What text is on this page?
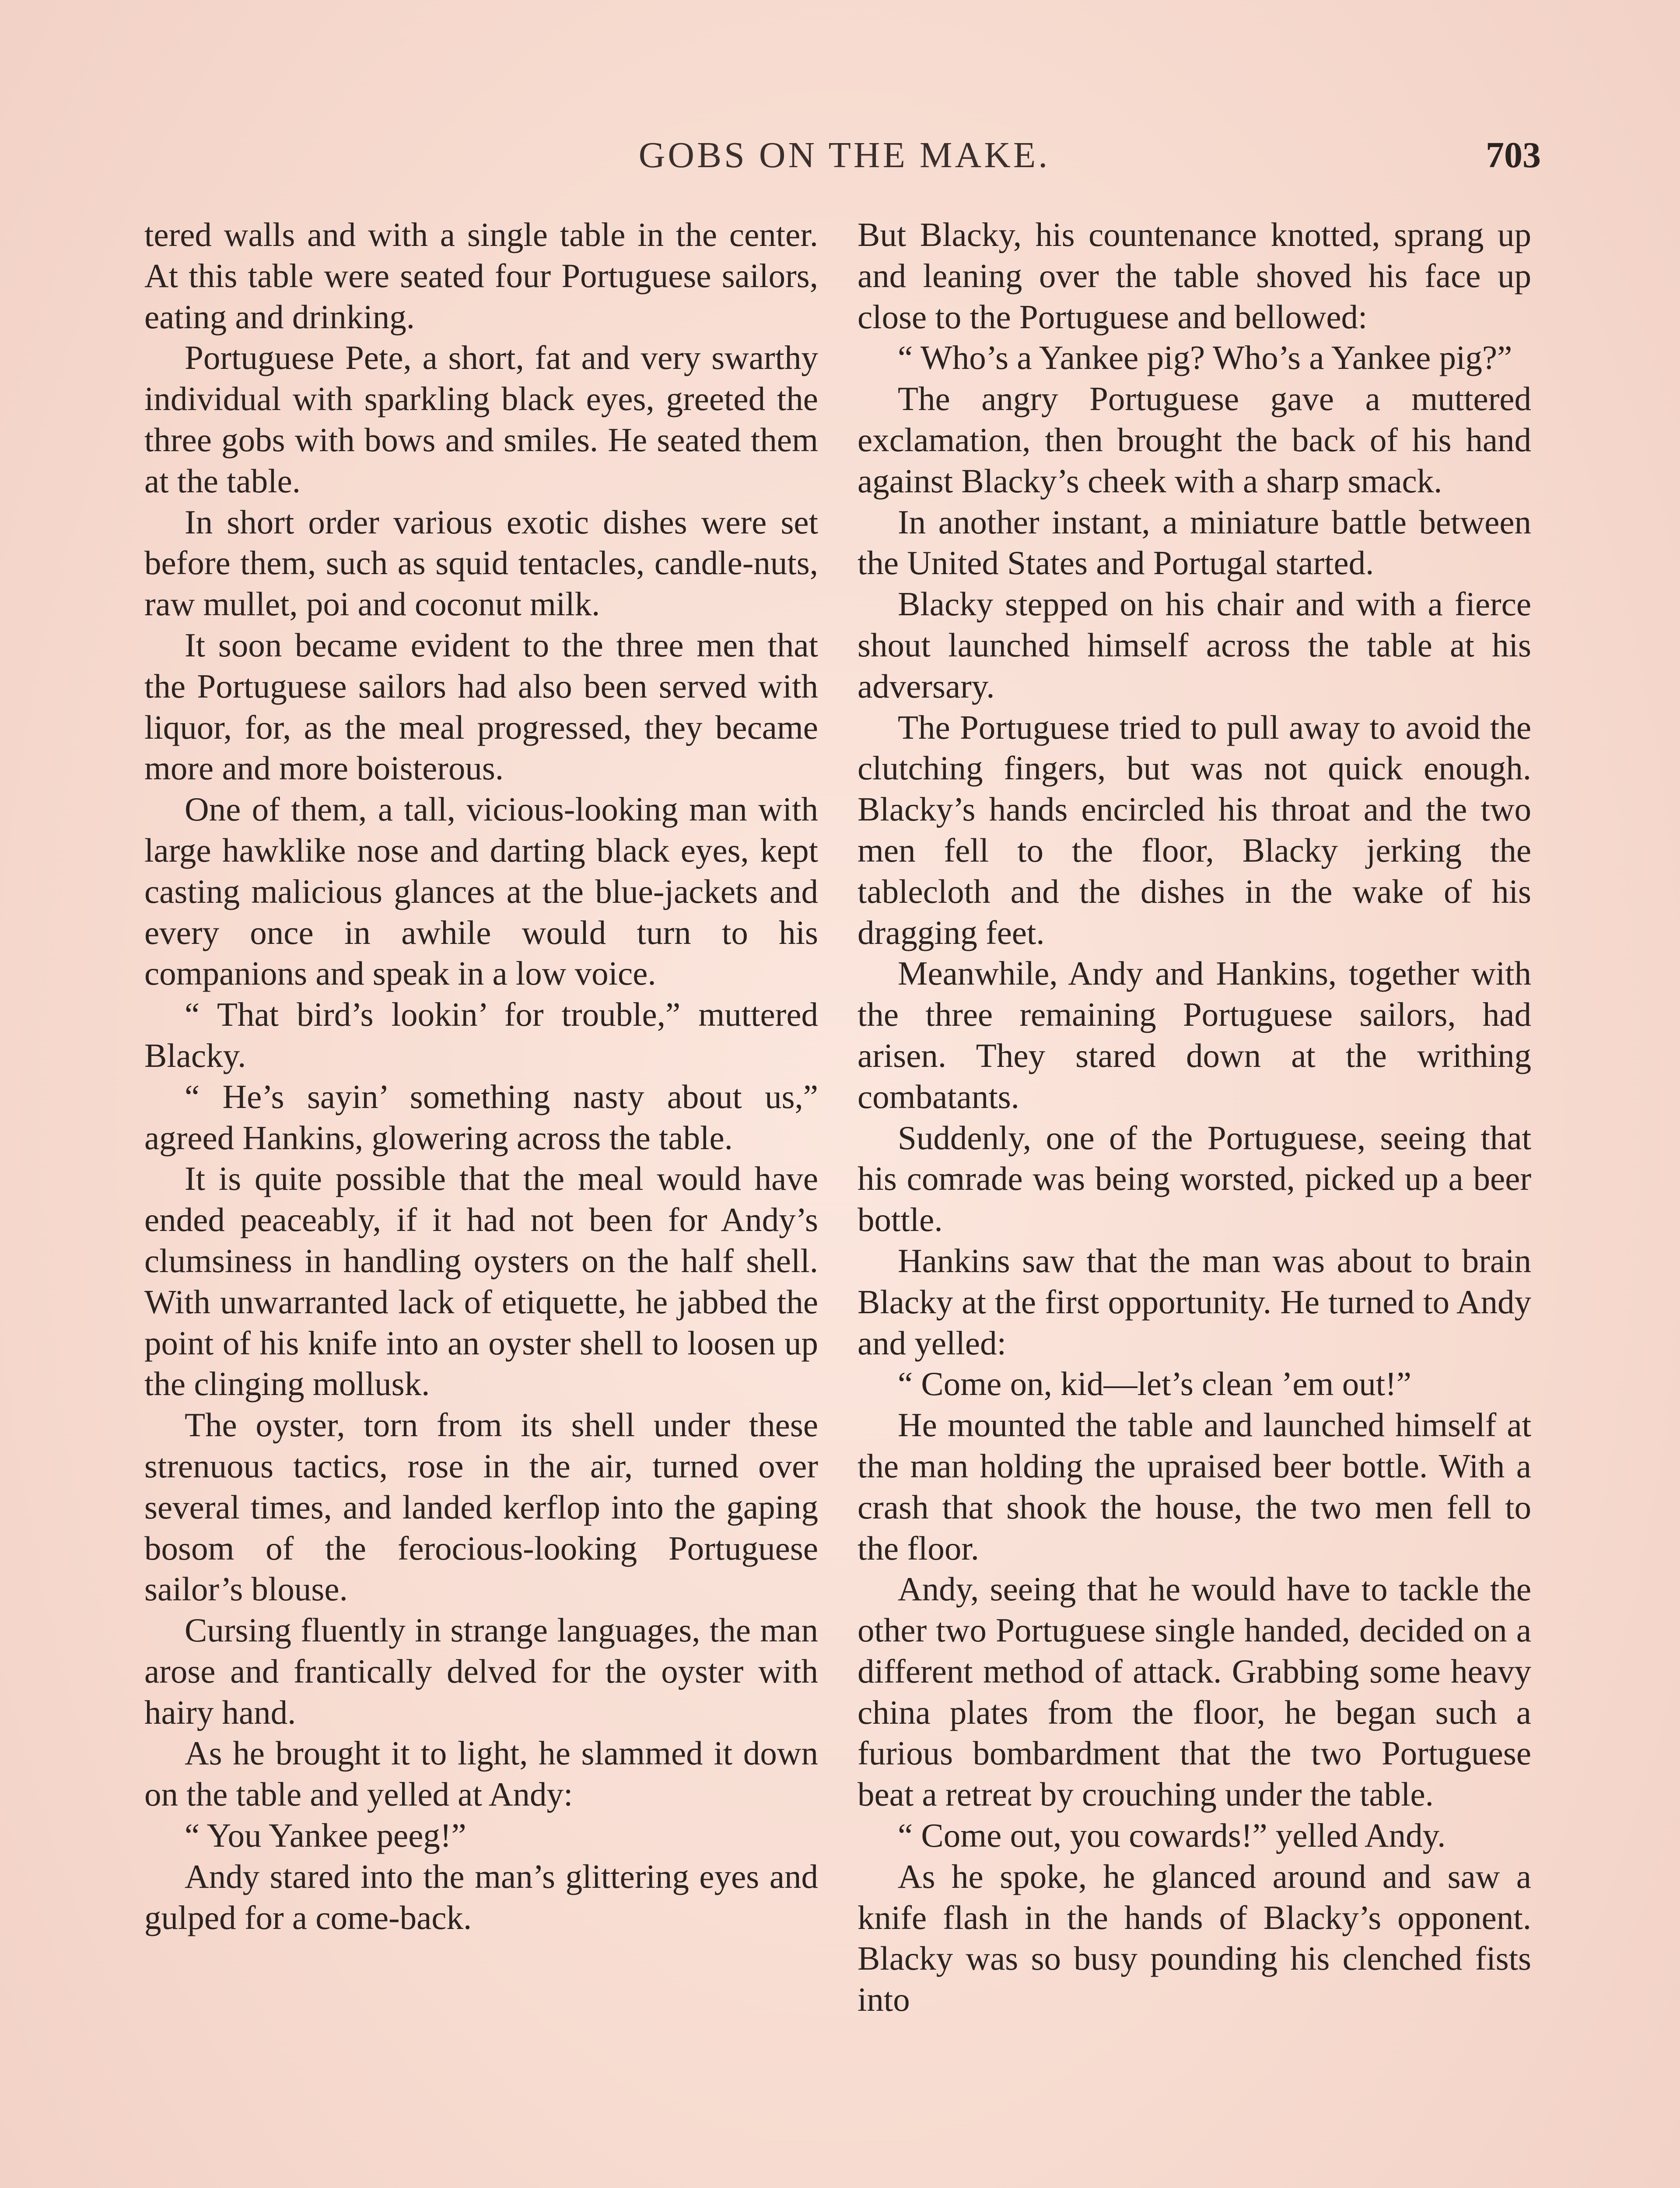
GOBS ON THE MAKE.	703

tered walls and with a single table in the center. At this table were seated four Portuguese sailors, eating and drinking.

Portuguese Pete, a short, fat and very swarthy individual with sparkling black eyes, greeted the three gobs with bows and smiles. He seated them at the table.

In short order various exotic dishes were set before them, such as squid tentacles, candle-nuts, raw mullet, poi and coconut milk.

It soon became evident to the three men that the Portuguese sailors had also been served with liquor, for, as the meal progressed, they became more and more boisterous.

One of them, a tall, vicious-looking man with large hawklike nose and darting black eyes, kept casting malicious glances at the blue-jackets and every once in awhile would turn to his companions and speak in a low voice.

“ That bird’s lookin’ for trouble,” muttered Blacky.

“ He’s sayin’ something nasty about us,” agreed Hankins, glowering across the table.

It is quite possible that the meal would have ended peaceably, if it had not been for Andy’s clumsiness in handling oysters on the half shell. With unwarranted lack of etiquette, he jabbed the point of his knife into an oyster shell to loosen up the clinging mollusk.

The oyster, torn from its shell under these strenuous tactics, rose in the air, turned over several times, and landed kerflop into the gaping bosom of the ferocious-looking Portuguese sailor’s blouse.

Cursing fluently in strange languages, the man arose and frantically delved for the oyster with hairy hand.

As he brought it to light, he slammed it down on the table and yelled at Andy:

“ You Yankee peeg!”

Andy stared into the man’s glittering eyes and gulped for a come-back.

But Blacky, his countenance knotted, sprang up and leaning over the table shoved his face up close to the Portuguese and bellowed:

“ Who’s a Yankee pig? Who’s a Yankee pig?”

The angry Portuguese gave a muttered exclamation, then brought the back of his hand against Blacky’s cheek with a sharp smack.

In another instant, a miniature battle between the United States and Portugal started.

Blacky stepped on his chair and with a fierce shout launched himself across the table at his adversary.

The Portuguese tried to pull away to avoid the clutching fingers, but was not quick enough. Blacky’s hands encircled his throat and the two men fell to the floor, Blacky jerking the tablecloth and the dishes in the wake of his dragging feet.

Meanwhile, Andy and Hankins, together with the three remaining Portuguese sailors, had arisen. They stared down at the writhing combatants.

Suddenly, one of the Portuguese, seeing that his comrade was being worsted, picked up a beer bottle.

Hankins saw that the man was about to brain Blacky at the first opportunity. He turned to Andy and yelled:

“ Come on, kid—let’s clean ’em out!”

He mounted the table and launched himself at the man holding the upraised beer bottle. With a crash that shook the house, the two men fell to the floor.

Andy, seeing that he would have to tackle the other two Portuguese single handed, decided on a different method of attack. Grabbing some heavy china plates from the floor, he began such a furious bombardment that the two Portuguese beat a retreat by crouching under the table.

“ Come out, you cowards!” yelled Andy.

As he spoke, he glanced around and saw a knife flash in the hands of Blacky’s opponent. Blacky was so busy pounding his clenched fists into
